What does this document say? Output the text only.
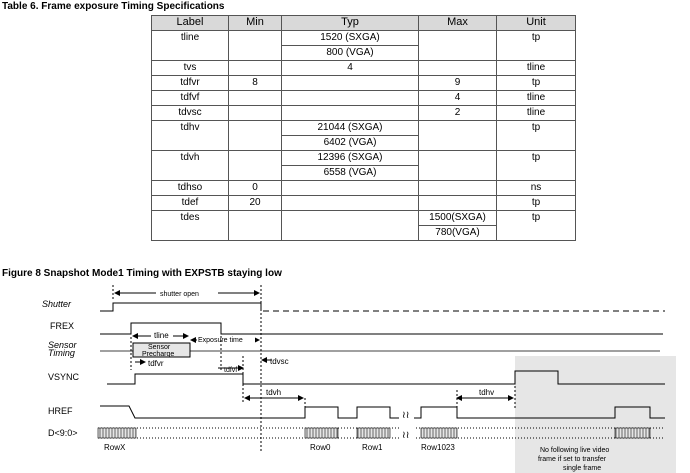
Table 6. Frame exposure Timing Specifications
Label	Min	Typ	Max	Unit
tline		1520 (SXGA)		tp
		800 (VGA)		
tvs		4		tline
tdfvr	8		9	tp
tdfvf			4	tline
tdvsc			2	tline
tdhv		21044 (SXGA)		tp
		6402 (VGA)		
tdvh		12396 (SXGA)		tp
		6558 (VGA)		
tdhso	0			ns
tdef	20			tp
tdes			1500(SXGA)	tp
			780(VGA)	
Figure 8 Snapshot Mode1 Timing with EXPSTB staying low
Shutter
FREX
Sensor
Timing
VSYNC
HREF
D<9:0>
shutter open
Sensor
Precharge
tline
Exposure time
tdfvr
tdfvf
tdvsc
tdvh	tdhv
≀≀
≀≀
RowX	Row0	Row1	Row1023	No following live video
frame if set to transfer
single frame
